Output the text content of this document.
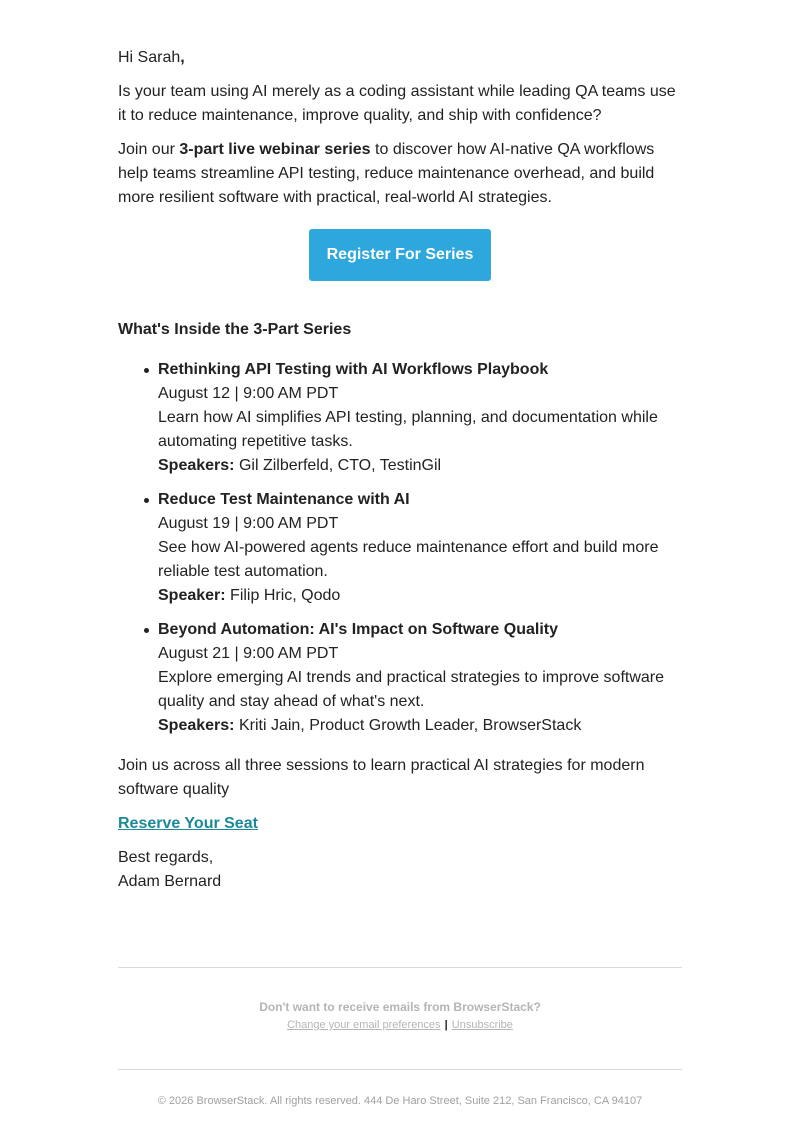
Hi Sarah,

Is your team using AI merely as a coding assistant while leading QA teams use it to reduce maintenance, improve quality, and ship with confidence?

Join our 3-part live webinar series to discover how AI-native QA workflows help teams streamline API testing, reduce maintenance overhead, and build more resilient software with practical, real-world AI strategies.

Register For Series
What's Inside the 3-Part Series
Rethinking API Testing with AI Workflows Playbook
August 12 | 9:00 AM PDT
Learn how AI simplifies API testing, planning, and documentation while automating repetitive tasks.
Speakers: Gil Zilberfeld, CTO, TestinGil
Reduce Test Maintenance with AI
August 19 | 9:00 AM PDT
See how AI-powered agents reduce maintenance effort and build more reliable test automation.
Speaker: Filip Hric, Qodo
Beyond Automation: AI's Impact on Software Quality
August 21 | 9:00 AM PDT
Explore emerging AI trends and practical strategies to improve software quality and stay ahead of what's next.
Speakers: Kriti Jain, Product Growth Leader, BrowserStack

Join us across all three sessions to learn practical AI strategies for modern software quality

Reserve Your Seat
Best regards,
Adam Bernard
Don't want to receive emails from BrowserStack?
Change your email preferences | Unsubscribe
© 2026 BrowserStack. All rights reserved. 444 De Haro Street, Suite 212, San Francisco, CA 94107
